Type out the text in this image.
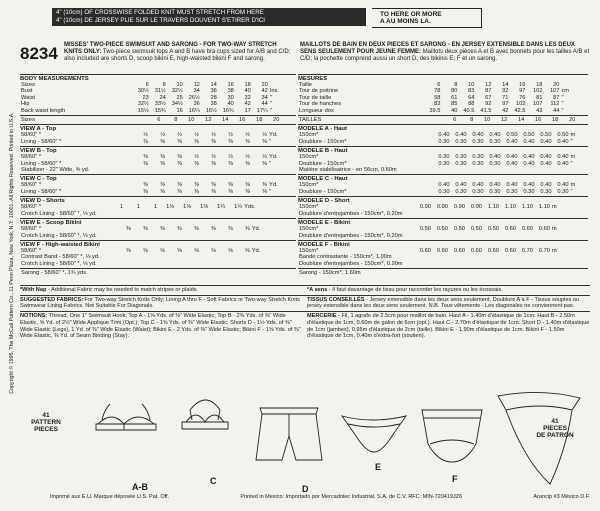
Copyright © 1995, The McCall Pattern Co., 11 Penn Plaza, New York, N.Y. 10001. All Rights Reserved. Printed in U.S.A.
4" (10cm) OF CROSSWISE FOLDED KNIT MUST STRETCH FROM HERE
4" (10cm) DE JERSEY PLIE SUR LE TRAVERS DOUVENT S'ETIRER D'ICI
TO HERE OR MORE
A AU MOINS LA.
8234 MISSES' TWO-PIECE SWIMSUIT AND SARONG - FOR TWO-WAY STRETCH KNITS ONLY: Two-piece swimsuit tops A and B have bra cups sized for A/B and C/D; also included are shorts D, scoop bikini E, high-waisted bikini F and sarong.
MAILLOTS DE BAIN EN DEUX PIECES ET SARONG - EN JERSEY EXTENSIBLE DANS LES DEUX SENS SEULEMENT POUR JEUNE FEMME: Maillots deux pièces A et B avec bonnets pour les tailles A/B et C/D; la pochette comprend aussi un short D, des bikinis E, F et un sarong.
BODY MEASUREMENTS
Sizes	6	8	10	12	14	16	18	20	
Bust	30½	31½	32½	34	36	38	40	42	Ins.
Waist	23	24	25	26½	28	30	32	34	"
Hip	32½	33½	34½	36	38	40	42	44	"
Back waist length	15½	15¾	16	16¼	16½	16¾	17	17¼	"
Sizes	6	8	10	12	14	16	18	20	
VIEW A - Top
58/60" *	½	½	½	½	½	½	½	½	Yd.
Lining - 58/60" *	⅜	⅜	⅜	⅜	⅜	⅜	⅜	⅜	"
VIEW B - Top
58/60" *	⅜	⅜	⅜	½	½	½	½	½	Yd.
Lining - 58/60" *	⅜	⅜	⅜	⅜	⅜	⅜	⅜	⅜	"
Stabilizer - 22" Wide, ⅝ yd.									
VIEW C - Top
58/60" *	⅜	⅜	⅜	⅜	⅜	⅜	⅜	⅜	Yd.
Lining - 58/60" *	⅜	⅜	⅜	⅜	⅜	⅜	⅜	⅜	"
VIEW D - Shorts
58/60" *	1	1	1	1⅛	1⅛	1⅛	1¼	1¼	Yds.
Crotch Lining - 58/60" *, ⅛ yd.
VIEW E - Scoop Bikini
58/60" *	⅜	⅜	⅜	⅜	⅜	⅜	⅜	⅜	Yd.
Crotch Lining - 58/60" *, ⅛ yd.
VIEW F - High-waisted Bikini
58/60" *	⅝	⅝	⅝	⅝	⅝	⅝	⅝	⅝	Yd.
Contrast Band - 58/60" *, ⅛ yd.
Crotch Lining - 58/60" *, ⅛ yd.
Sarong - 58/60" *, 1¾ yds.
MESURES
Taille	6	8	10	12	14	16	18	20	
Tour de poitrine	78	80	83	87	92	97	102	107	cm
Tour de taille	58	61	64	67	71	76	81	87	"
Tour de hanches	83	85	88	92	97	102	107	112	"
Longueur dos	39.5	40	40.5	41.5	42	42.5	43	44	"
TAILLES	6	8	10	12	14	16	18	20	
MODELE A - Haut
150cm*	0.40	0.40	0.40	0.40	0.50	0.50	0.50	0.50	m
Doublure - 150cm*	0.30	0.30	0.30	0.30	0.40	0.40	0.40	0.40	"
MODELE B - Haut
150cm*	0.30	0.30	0.30	0.40	0.40	0.40	0.40	0.40	m
Doublure - 150cm*	0.30	0.30	0.30	0.30	0.40	0.40	0.40	0.40	"
Matière stabilisatrice - en 56cm, 0.60m									
MODELE C - Haut
150cm*	0.40	0.40	0.40	0.40	0.40	0.40	0.40	0.40	m
Doublure - 150cm*	0.30	0.30	0.30	0.30	0.30	0.30	0.30	0.30	"
MODELE D - Short
150cm*	0.90	0.90	0.90	0.90	1.10	1.10	1.10	1.10	m
Doublure d'entrejambes - 150cm*, 0.20m
MODELE E - Bikini
150cm*	0.50	0.50	0.50	0.50	0.50	0.60	0.60	0.60	m
Doublure d'entrejambes - 150cm*, 0.20m
MODELE F - Bikini
150cm*	0.60	0.60	0.60	0.60	0.60	0.60	0.70	0.70	m
Bande contrastante - 150cm*, 1.00m
Doublure d'entrejambes - 150cm*, 0.20m
Sarong - 150cm*, 1.60m
*With Nap - Additional Fabric may be needed to match stripes or plaids.	*A sens - Il faut davantage de tissu pour raccorder les rayures ou les écossais.
SUGGESTED FABRICS: For Two-way Stretch Knits Only; Lining A thru F - Soft Fabrics or Two-way Stretch Knits Swimwear Lining Fabrics. Not Suitable For Diagonals.
TISSUS CONSEILLÉS - Jersey extensible dans les deux sens seulement. Doublure A à F - Tissus souples ou jersey extensible dans les deux sens seulement. N.B. Tous vêtements - Les diagonales ne conviennent pas.
NOTIONS: Thread, One 1" Swimsuit Hook; Top A - 1⅝ Yds. of ⅜" Wide Elastic; Top B - 2⅜ Yds. of ⅜" Wide Elastic, ⅝ Yd. of 2½" Wide Applique Trim (Opt.); Top C - 1⅝ Yds. of ⅜" Wide Elastic; Shorts D - 1½ Yds. of ⅜" Wide Elastic (Legs), 1 Yd. of ⅜" Wide Elastic (Waist); Bikini E - 2 Yds. of ⅜" Wide Elastic; Bikini F - 1⅝ Yds. of ⅜" Wide Elastic, ⅜ Yd. of Seam Binding (Stay).
MERCERIE - Fil, 1 agrafe de 2.5cm pour maillot de bain. Haut A - 1.40m d'élastique de 1cm. Haut B - 2.50m d'élastique de 1cm, 0.60m de galon de 6cm (opt.). Haut C - 2.70m d'élastique de 1cm. Short D - 1.40m d'élastique de 1cm (jambes), 0.95m d'élastique de 2cm (taille). Bikini E - 1.90m d'élastique de 1cm. Bikini F - 1.50m d'élastique de 1cm, 0.40m d'extra-fort (soutien).
41
PATTERN
PIECES
41
PIECES
DE PATRON
A-B
C
D
E
F
Imprimé aux E.U. Marque déposée U.S. Pat. Off.	Printed in Mexico: Importado por Mercadotec Industrial, S.A. de C.V. RFC: MIN-720419JZ6	Arancip #3 México D.F.
